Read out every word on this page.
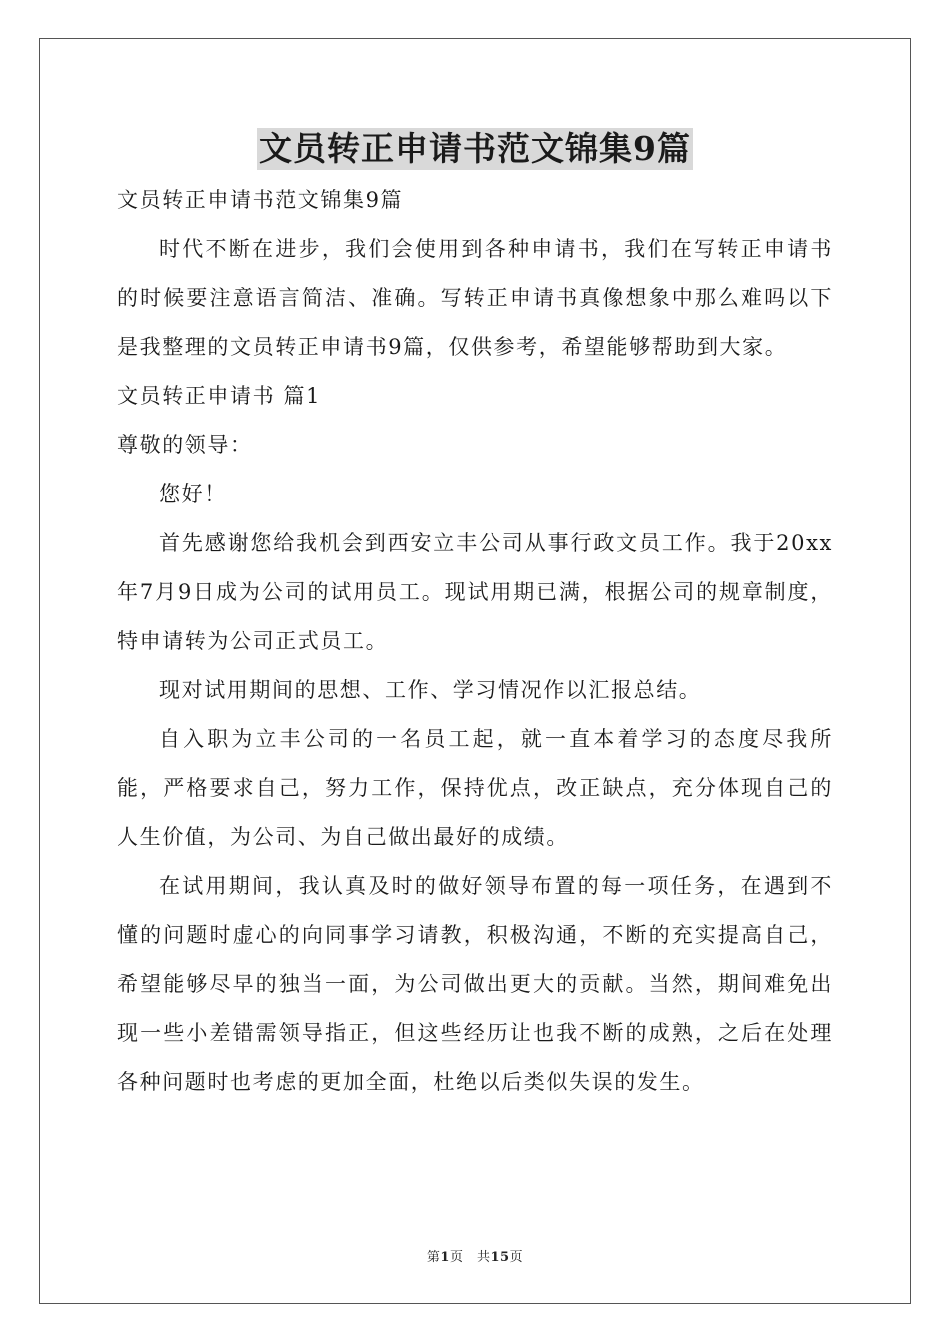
文员转正申请书范文锦集9篇

文员转正申请书范文锦集9篇

时代不断在进步，我们会使用到各种申请书，我们在写转正申请书的时候要注意语言简洁、准确。写转正申请书真像想象中那么难吗以下是我整理的文员转正申请书9篇，仅供参考，希望能够帮助到大家。

文员转正申请书 篇1

尊敬的领导：

您好！

首先感谢您给我机会到西安立丰公司从事行政文员工作。我于20xx年7月9日成为公司的试用员工。现试用期已满，根据公司的规章制度，特申请转为公司正式员工。

现对试用期间的思想、工作、学习情况作以汇报总结。

自入职为立丰公司的一名员工起，就一直本着学习的态度尽我所能，严格要求自己，努力工作，保持优点，改正缺点，充分体现自己的人生价值，为公司、为自己做出最好的成绩。

在试用期间，我认真及时的做好领导布置的每一项任务，在遇到不懂的问题时虚心的向同事学习请教，积极沟通，不断的充实提高自己，希望能够尽早的独当一面，为公司做出更大的贡献。当然，期间难免出现一些小差错需领导指正，但这些经历让也我不断的成熟，之后在处理各种问题时也考虑的更加全面，杜绝以后类似失误的发生。

第1页　共15页
